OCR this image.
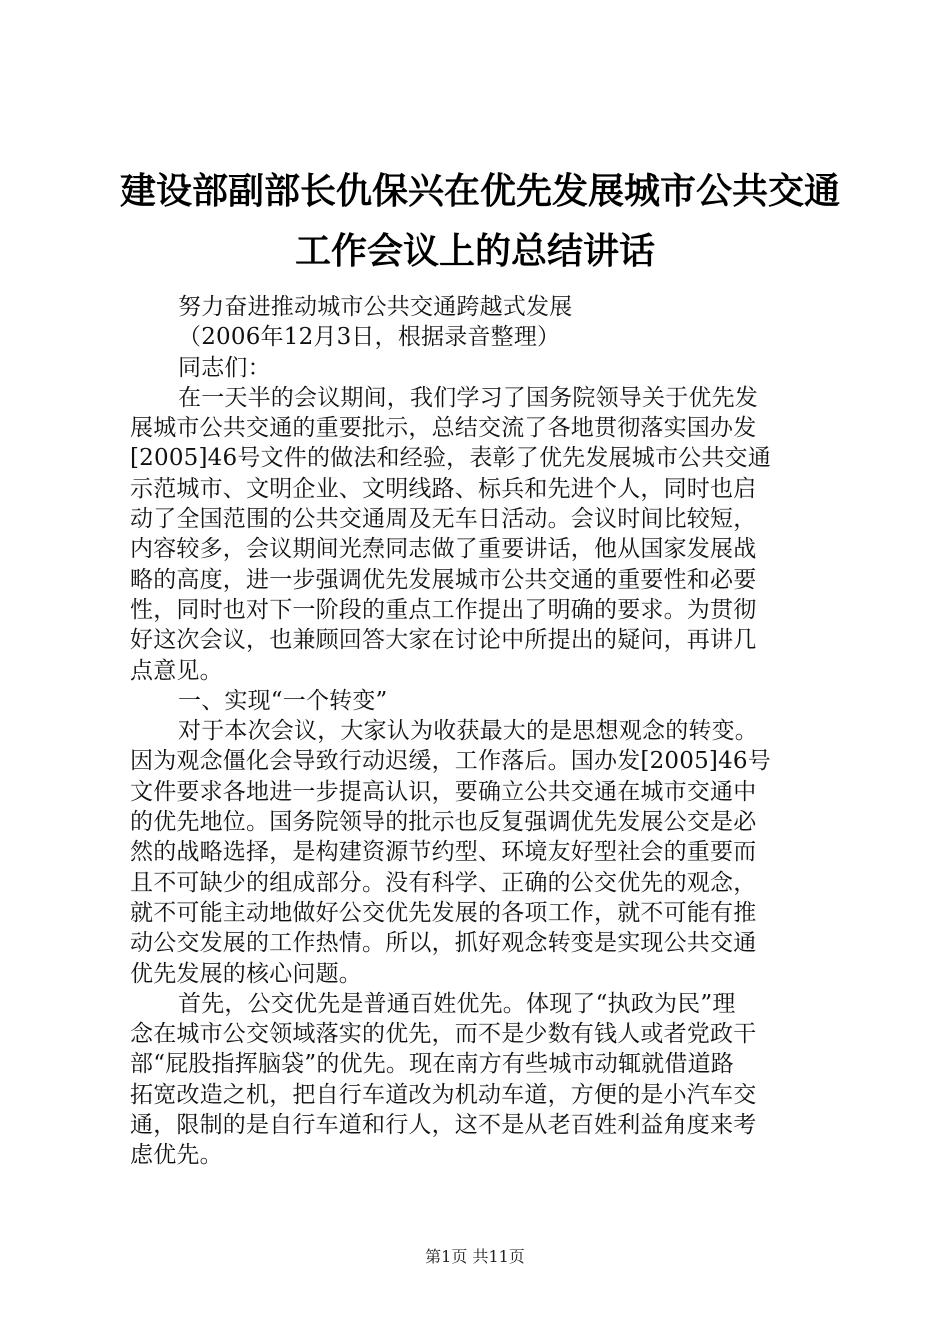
建设部副部长仇保兴在优先发展城市公共交通
工作会议上的总结讲话
努力奋进推动城市公共交通跨越式发展
（2006年12月3日，根据录音整理）
同志们：
在一天半的会议期间，我们学习了国务院领导关于优先发
展城市公共交通的重要批示，总结交流了各地贯彻落实国办发
[2005]46号文件的做法和经验，表彰了优先发展城市公共交通
示范城市、文明企业、文明线路、标兵和先进个人，同时也启
动了全国范围的公共交通周及无车日活动。会议时间比较短，
内容较多，会议期间光焘同志做了重要讲话，他从国家发展战
略的高度，进一步强调优先发展城市公共交通的重要性和必要
性，同时也对下一阶段的重点工作提出了明确的要求。为贯彻
好这次会议，也兼顾回答大家在讨论中所提出的疑问，再讲几
点意见。
一、实现“一个转变”
对于本次会议，大家认为收获最大的是思想观念的转变。
因为观念僵化会导致行动迟缓，工作落后。国办发[2005]46号
文件要求各地进一步提高认识，要确立公共交通在城市交通中
的优先地位。国务院领导的批示也反复强调优先发展公交是必
然的战略选择，是构建资源节约型、环境友好型社会的重要而
且不可缺少的组成部分。没有科学、正确的公交优先的观念，
就不可能主动地做好公交优先发展的各项工作，就不可能有推
动公交发展的工作热情。所以，抓好观念转变是实现公共交通
优先发展的核心问题。
首先，公交优先是普通百姓优先。体现了“执政为民”理
念在城市公交领域落实的优先，而不是少数有钱人或者党政干
部“屁股指挥脑袋”的优先。现在南方有些城市动辄就借道路
拓宽改造之机，把自行车道改为机动车道，方便的是小汽车交
通，限制的是自行车道和行人，这不是从老百姓利益角度来考
虑优先。
第1页 共11页
